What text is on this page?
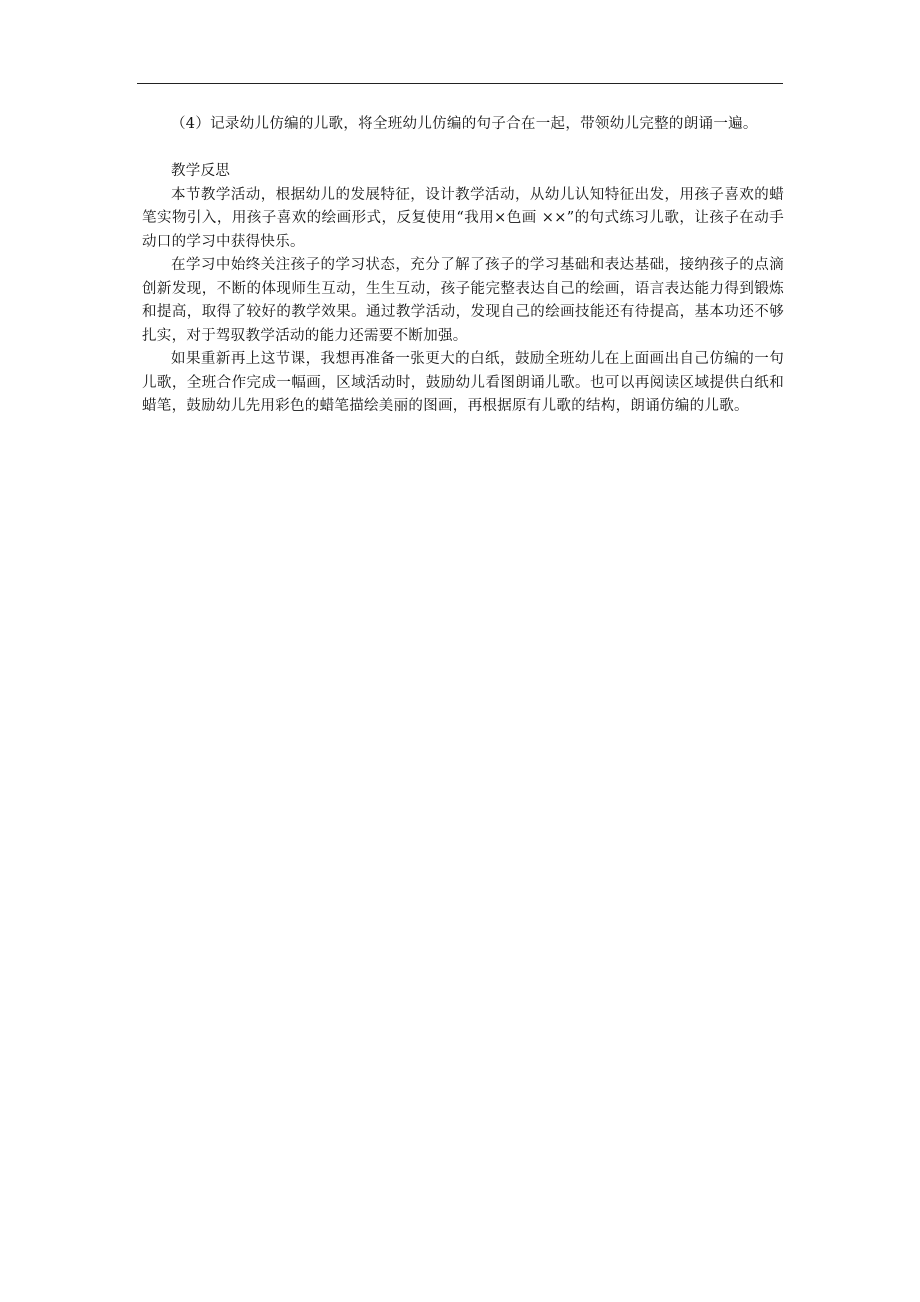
（4）记录幼儿仿编的儿歌，将全班幼儿仿编的句子合在一起，带领幼儿完整的朗诵一遍。

教学反思

本节教学活动，根据幼儿的发展特征，设计教学活动，从幼儿认知特征出发，用孩子喜欢的蜡笔实物引入，用孩子喜欢的绘画形式，反复使用“我用×色画 ××”的句式练习儿歌，让孩子在动手动口的学习中获得快乐。

在学习中始终关注孩子的学习状态，充分了解了孩子的学习基础和表达基础，接纳孩子的点滴创新发现，不断的体现师生互动，生生互动，孩子能完整表达自己的绘画，语言表达能力得到锻炼和提高，取得了较好的教学效果。通过教学活动，发现自己的绘画技能还有待提高，基本功还不够扎实，对于驾驭教学活动的能力还需要不断加强。

如果重新再上这节课，我想再准备一张更大的白纸，鼓励全班幼儿在上面画出自己仿编的一句儿歌，全班合作完成一幅画，区域活动时，鼓励幼儿看图朗诵儿歌。也可以再阅读区域提供白纸和蜡笔，鼓励幼儿先用彩色的蜡笔描绘美丽的图画，再根据原有儿歌的结构，朗诵仿编的儿歌。
